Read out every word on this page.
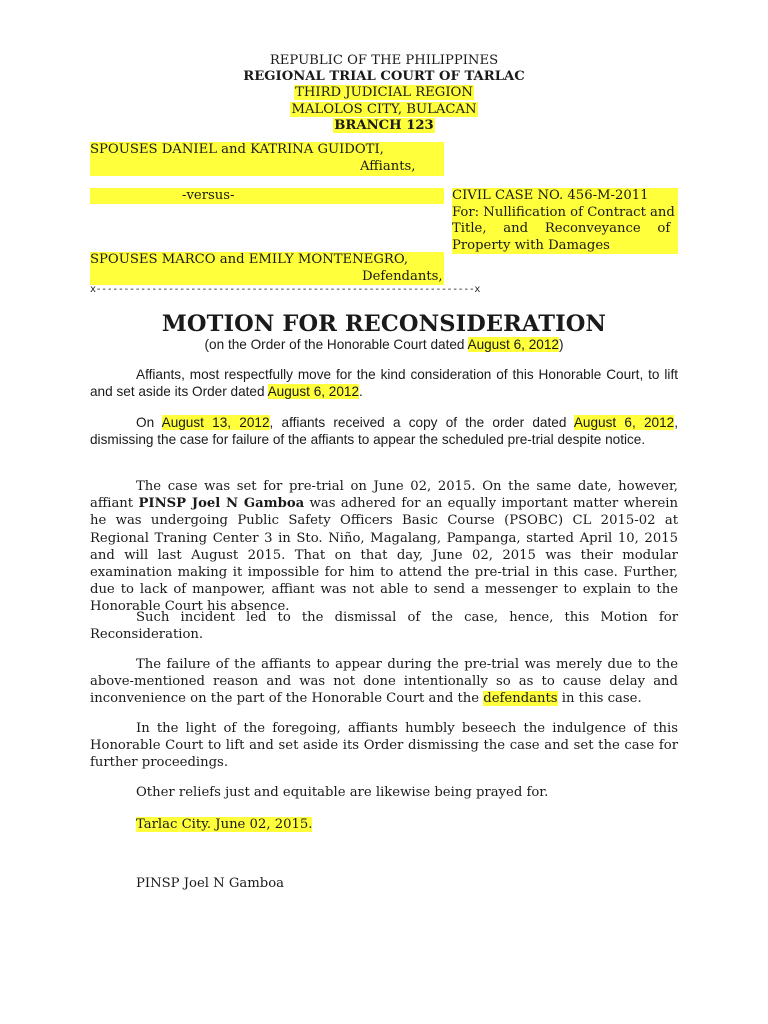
REPUBLIC OF THE PHILIPPINES
REGIONAL TRIAL COURT OF TARLAC
THIRD JUDICIAL REGION
MALOLOS CITY, BULACAN
BRANCH 123
SPOUSES DANIEL and KATRINA GUIDOTI,
Affiants,
-versus-	CIVIL CASE NO. 456-M-2011
For: Nullification of Contract and
Title,    and    Reconveyance    of
Property with Damages
SPOUSES MARCO and EMILY MONTENEGRO,
Defendants,
x--------------------------------------------------------------------x
MOTION FOR RECONSIDERATION
(on the Order of the Honorable Court dated August 6, 2012)

Affiants, most respectfully move for the kind consideration of this Honorable Court, to lift and set aside its Order dated August 6, 2012.

On August 13, 2012, affiants received a copy of the order dated August 6, 2012, dismissing the case for failure of the affiants to appear the scheduled pre-trial despite notice.

The case was set for pre-trial on June 02, 2015. On the same date, however, affiant PINSP Joel N Gamboa was adhered for an equally important matter wherein he was undergoing Public Safety Officers Basic Course (PSOBC) CL 2015-02 at Regional Traning Center 3 in Sto. Niño, Magalang, Pampanga, started April 10, 2015 and will last August 2015. That on that day, June 02, 2015 was their modular examination making it impossible for him to attend the pre-trial in this case. Further, due to lack of manpower, affiant was not able to send a messenger to explain to the Honorable Court his absence.

Such incident led to the dismissal of the case, hence, this Motion for Reconsideration.

The failure of the affiants to appear during the pre-trial was merely due to the above-mentioned reason and was not done intentionally so as to cause delay and inconvenience on the part of the Honorable Court and the defendants in this case.

In the light of the foregoing, affiants humbly beseech the indulgence of this Honorable Court to lift and set aside its Order dismissing the case and set the case for further proceedings.

Other reliefs just and equitable are likewise being prayed for.

Tarlac City. June 02, 2015.
PINSP Joel N Gamboa
